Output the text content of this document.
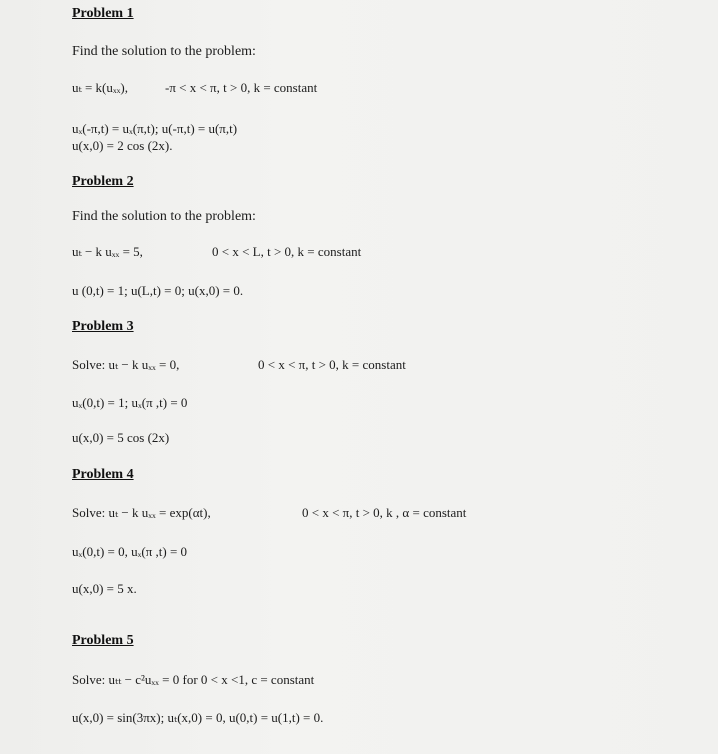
Problem 1
Find the solution to the problem:
uₜ = k(uₓₓ),	-π < x < π, t > 0, k = constant
uₓ(-π,t) = uₓ(π,t); u(-π,t) = u(π,t)
u(x,0) = 2 cos (2x).
Problem 2
Find the solution to the problem:
uₜ − k uₓₓ = 5,	0 < x < L, t > 0, k = constant
u (0,t) = 1; u(L,t) = 0; u(x,0) = 0.
Problem 3
Solve: uₜ − k uₓₓ = 0,	0 < x < π, t > 0, k = constant
uₓ(0,t) = 1; uₓ(π ,t) = 0
u(x,0) = 5 cos (2x)
Problem 4
Solve: uₜ − k uₓₓ = exp(αt),	0 < x < π, t > 0, k , α = constant
uₓ(0,t) = 0, uₓ(π ,t) = 0
u(x,0) = 5 x.
Problem 5
Solve: uₜₜ − c²uₓₓ = 0 for 0 < x <1, c = constant
u(x,0) = sin(3πx); uₜ(x,0) = 0, u(0,t) = u(1,t) = 0.
